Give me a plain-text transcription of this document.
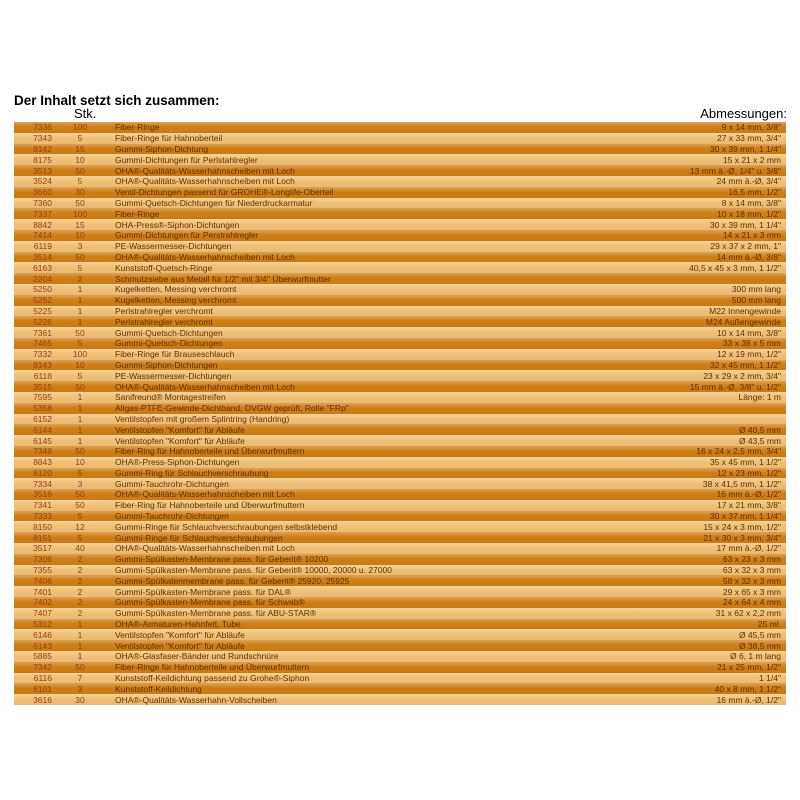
Der Inhalt setzt sich zusammen:
Stk.	Abmessungen:
7336	100	Fiber-Ringe	9 x 14 mm, 3/8"
7343	5	Fiber-Ringe für Hahnoberteil	27 x 33 mm, 3/4"
8142	15	Gummi-Siphon-Dichtung	30 x 39 mm, 1 1/4"
8175	10	Gummi-Dichtungen für Perlstahlregler	15 x 21 x 2 mm
3513	50	OHA®-Qualitäts-Wasserhahnscheiben mit Loch	13 mm ä.-Ø, 1/4" u. 3/8"
3524	5	OHA®-Qualitäts-Wasserhahnscheiben mit Loch	24 mm ä.-Ø, 3/4"
3660	30	Ventil-Dichtungen passend für GROHE®-Longlife-Oberteil	16,5 mm, 1/2"
7360	50	Gummi-Quetsch-Dichtungen für Niederdruckarmatur	8 x 14 mm, 3/8"
7337	100	Fiber-Ringe	10 x 18 mm, 1/2"
8842	15	OHA-Press®-Siphon-Dichtungen	30 x 39 mm, 1 1/4"
7414	10	Gummi-Dichtungen für Perstrahlregler	14 x 21 x 3 mm
6119	3	PE-Wassermesser-Dichtungen	29 x 37 x 2 mm, 1"
3514	50	OHA®-Qualitäts-Wasserhahnscheiben mit Loch	14 mm ä.-Ø, 3/8"
6163	5	Kunststoff-Quetsch-Ringe	40,5 x 45 x 3 mm, 1 1/2"
2204	2	Schmutzsiebe aus Metall für 1/2" mit 3/4" Überwurfmutter
5250	1	Kugelketten, Messing verchromt	300 mm lang
5252	1	Kugelketten, Messing verchromt	500 mm lang
5225	1	Perlstrahlregler verchromt	M22 Innengewinde
5226	1	Perlstrahlregler verchromt	M24 Außengewinde
7361	50	Gummi-Quetsch-Dichtungen	10 x 14 mm, 3/8"
7465	5	Gummi-Quetsch-Dichtungen	33 x 38 x 5 mm
7332	100	Fiber-Ringe für Brauseschlauch	12 x 19 mm, 1/2"
8143	10	Gummi-Siphon-Dichtungen	32 x 45 mm, 1 1/2"
6118	5	PE-Wassermesser-Dichtungen	23 x 29 x 2 mm, 3/4"
3515	50	OHA®-Qualitäts-Wasserhahnscheiben mit Loch	15 mm ä.-Ø, 3/8" u. 1/2"
7595	1	Sanifreund® Montagestreifen	Länge: 1 m
5358	1	Allgas-PTFE-Gewinde-Dichtband, DVGW geprüft, Rolle "FRp"
6152	1	Ventilstopfen mit großem Splintring (Handring)
6144	1	Ventilstopfen "Komfort" für Abläufe	Ø 40,5 mm
6145	1	Ventilstopfen "Komfort" für Abläufe	Ø 43,5 mm
7348	50	Fiber-Ring für Hahnoberteile und Überwurfmuttern	16 x 24 x 2,5 mm, 3/4"
8843	10	OHA®-Press-Siphon-Dichtungen	35 x 45 mm, 1 1/2"
8120	5	Gummi-Ring für Schlauchverschraubung	12 x 23 mm, 1/2"
7334	3	Gummi-Tauchrohr-Dichtungen	38 x 41,5 mm, 1 1/2"
3516	50	OHA®-Qualitäts-Wasserhahnscheiben mit Loch	16 mm ä.-Ø, 1/2"
7341	50	Fiber-Ring für Hahnoberteile und Überwurfmuttern	17 x 21 mm, 3/8"
7333	5	Gummi-Tauchrohr-Dichtungen	30 x 37 mm, 1 1/4"
8150	12	Gummi-Ringe für Schlauchverschraubungen selbstklebend	15 x 24 x 3 mm, 1/2"
8151	5	Gummi-Ringe für Schlauchverschraubungen	21 x 30 x 3 mm, 3/4"
3517	40	OHA®-Qualitäts-Wasserhahnscheiben mit Loch	17 mm ä.-Ø, 1/2"
7306	2	Gummi-Spülkasten-Membrane pass. für Geberit® 10200	63 x 23 x 3 mm
7355	2	Gummi-Spülkasten-Membrane pass. für Geberit® 10000, 20000 u. 27000	63 x 32 x 3 mm
7406	2	Gummi-Spülkatenmembrane pass. für Geberit® 25920, 25925	58 x 32 x 3 mm
7401	2	Gummi-Spülkasten-Membrane pass. für DAL®	29 x 65 x 3 mm
7402	2	Gummi-Spülkasten-Membrane pass. für Schwab®	24 x 64 x 4 mm
7407	2	Gummi-Spülkasten-Membrane pass. für ABU-STAR®	31 x 62 x 2,2 mm
5312	1	OHA®-Armaturen-Hahnfett, Tube	25 ml.
6146	1	Ventilstopfen "Komfort" für Abläufe	Ø 45,5 mm
6143	1	Ventilstopfen "Komfort" für Abläufe	Ø 38,5 mm
5885	1	OHA®-Glasfaser-Bänder und Rundschnüre	Ø 6, 1 m lang
7342	50	Fiber-Ringe für Hahnoberteile und Überwurfmuttern	21 x 25 mm, 1/2"
6116	7	Kunststoff-Keildichtung passend zu Grohe®-Siphon	1 1/4"
6101	3	Kunststoff-Keildichtung	40 x 8 mm, 1 1/2"
3616	30	OHA®-Qualitäts-Wasserhahn-Vollscheiben	16 mm ä.-Ø, 1/2"
